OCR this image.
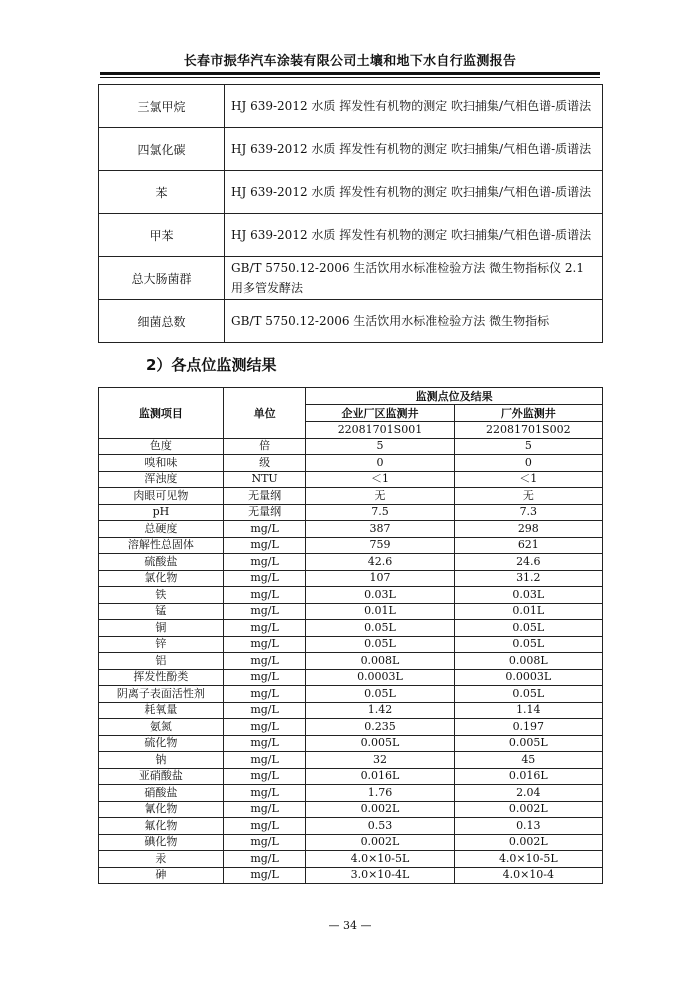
长春市振华汽车涂装有限公司土壤和地下水自行监测报告
三氯甲烷	HJ 639-2012 水质 挥发性有机物的测定 吹扫捕集/气相色谱-质谱法
四氯化碳	HJ 639-2012 水质 挥发性有机物的测定 吹扫捕集/气相色谱-质谱法
苯	HJ 639-2012 水质 挥发性有机物的测定 吹扫捕集/气相色谱-质谱法
甲苯	HJ 639-2012 水质 挥发性有机物的测定 吹扫捕集/气相色谱-质谱法
总大肠菌群	GB/T 5750.12-2006 生活饮用水标准检验方法 微生物指标仪 2.1 用多管发酵法
细菌总数	GB/T 5750.12-2006 生活饮用水标准检验方法 微生物指标
2）各点位监测结果
监测项目	单位	监测点位及结果	
		企业厂区监测井	厂外监测井
		22081701S001	22081701S002
色度	倍	5	5
嗅和味	级	0	0
浑浊度	NTU	＜1	＜1
肉眼可见物	无量纲	无	无
pH	无量纲	7.5	7.3
总硬度	mg/L	387	298
溶解性总固体	mg/L	759	621
硫酸盐	mg/L	42.6	24.6
氯化物	mg/L	107	31.2
铁	mg/L	0.03L	0.03L
锰	mg/L	0.01L	0.01L
铜	mg/L	0.05L	0.05L
锌	mg/L	0.05L	0.05L
铝	mg/L	0.008L	0.008L
挥发性酚类	mg/L	0.0003L	0.0003L
阴离子表面活性剂	mg/L	0.05L	0.05L
耗氧量	mg/L	1.42	1.14
氨氮	mg/L	0.235	0.197
硫化物	mg/L	0.005L	0.005L
钠	mg/L	32	45
亚硝酸盐	mg/L	0.016L	0.016L
硝酸盐	mg/L	1.76	2.04
氰化物	mg/L	0.002L	0.002L
氟化物	mg/L	0.53	0.13
碘化物	mg/L	0.002L	0.002L
汞	mg/L	4.0×10-5L	4.0×10-5L
砷	mg/L	3.0×10-4L	4.0×10-4
— 34 —
